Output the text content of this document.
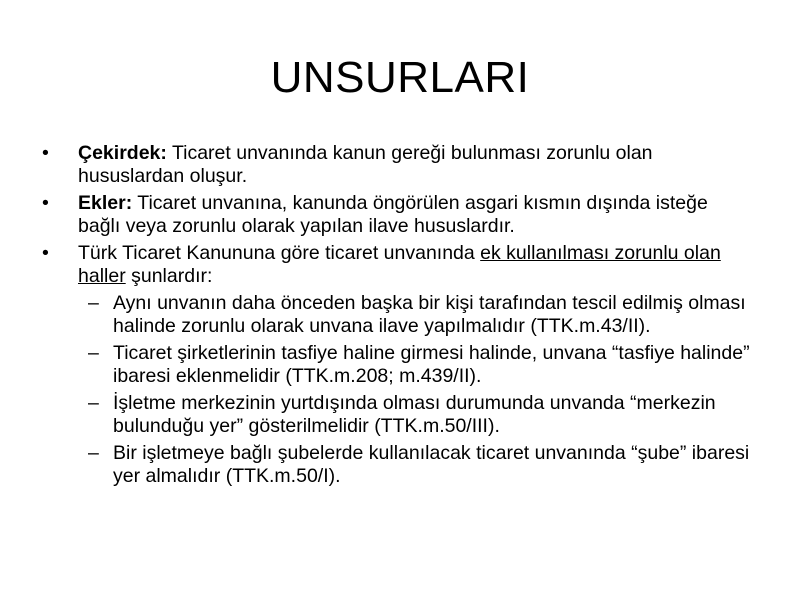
UNSURLARI
• Çekirdek: Ticaret unvanında kanun gereği bulunması zorunlu olan hususlardan oluşur.
• Ekler: Ticaret unvanına, kanunda öngörülen asgari kısmın dışında isteğe bağlı veya zorunlu olarak yapılan ilave hususlardır.
• Türk Ticaret Kanununa göre ticaret unvanında ek kullanılması zorunlu olan haller şunlardır:
– Aynı unvanın daha önceden başka bir kişi tarafından tescil edilmiş olması halinde zorunlu olarak unvana ilave yapılmalıdır (TTK.m.43/II).
– Ticaret şirketlerinin tasfiye haline girmesi halinde, unvana “tasfiye halinde” ibaresi eklenmelidir (TTK.m.208; m.439/II).
– İşletme merkezinin yurtdışında olması durumunda unvanda “merkezin bulunduğu yer” gösterilmelidir (TTK.m.50/III).
– Bir işletmeye bağlı şubelerde kullanılacak ticaret unvanında “şube” ibaresi yer almalıdır (TTK.m.50/I).
